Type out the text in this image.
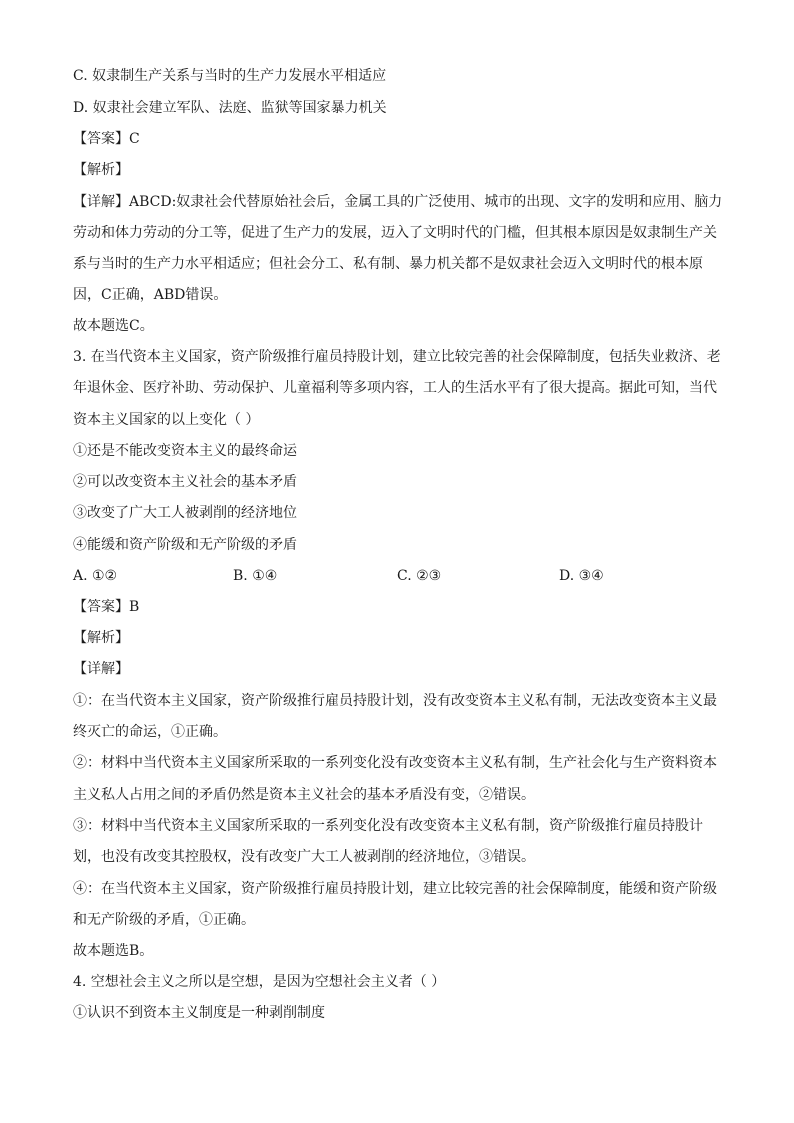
C. 奴隶制生产关系与当时的生产力发展水平相适应
D. 奴隶社会建立军队、法庭、监狱等国家暴力机关
【答案】C
【解析】
【详解】ABCD:奴隶社会代替原始社会后，金属工具的广泛使用、城市的出现、文字的发明和应用、脑力
劳动和体力劳动的分工等，促进了生产力的发展，迈入了文明时代的门槛，但其根本原因是奴隶制生产关
系与当时的生产力水平相适应；但社会分工、私有制、暴力机关都不是奴隶社会迈入文明时代的根本原
因，C正确，ABD错误。
故本题选C。
3. 在当代资本主义国家，资产阶级推行雇员持股计划，建立比较完善的社会保障制度，包括失业救济、老
年退休金、医疗补助、劳动保护、儿童福利等多项内容，工人的生活水平有了很大提高。据此可知，当代
资本主义国家的以上变化（ ）
①还是不能改变资本主义的最终命运
②可以改变资本主义社会的基本矛盾
③改变了广大工人被剥削的经济地位
④能缓和资产阶级和无产阶级的矛盾
A. ①②	B. ①④	C. ②③	D. ③④
【答案】B
【解析】
【详解】
①：在当代资本主义国家，资产阶级推行雇员持股计划，没有改变资本主义私有制，无法改变资本主义最
终灭亡的命运，①正确。
②：材料中当代资本主义国家所采取的一系列变化没有改变资本主义私有制，生产社会化与生产资料资本
主义私人占用之间的矛盾仍然是资本主义社会的基本矛盾没有变，②错误。
③：材料中当代资本主义国家所采取的一系列变化没有改变资本主义私有制，资产阶级推行雇员持股计
划，也没有改变其控股权，没有改变广大工人被剥削的经济地位，③错误。
④：在当代资本主义国家，资产阶级推行雇员持股计划，建立比较完善的社会保障制度，能缓和资产阶级
和无产阶级的矛盾，①正确。
故本题选B。
4. 空想社会主义之所以是空想，是因为空想社会主义者（ ）
①认识不到资本主义制度是一种剥削制度
